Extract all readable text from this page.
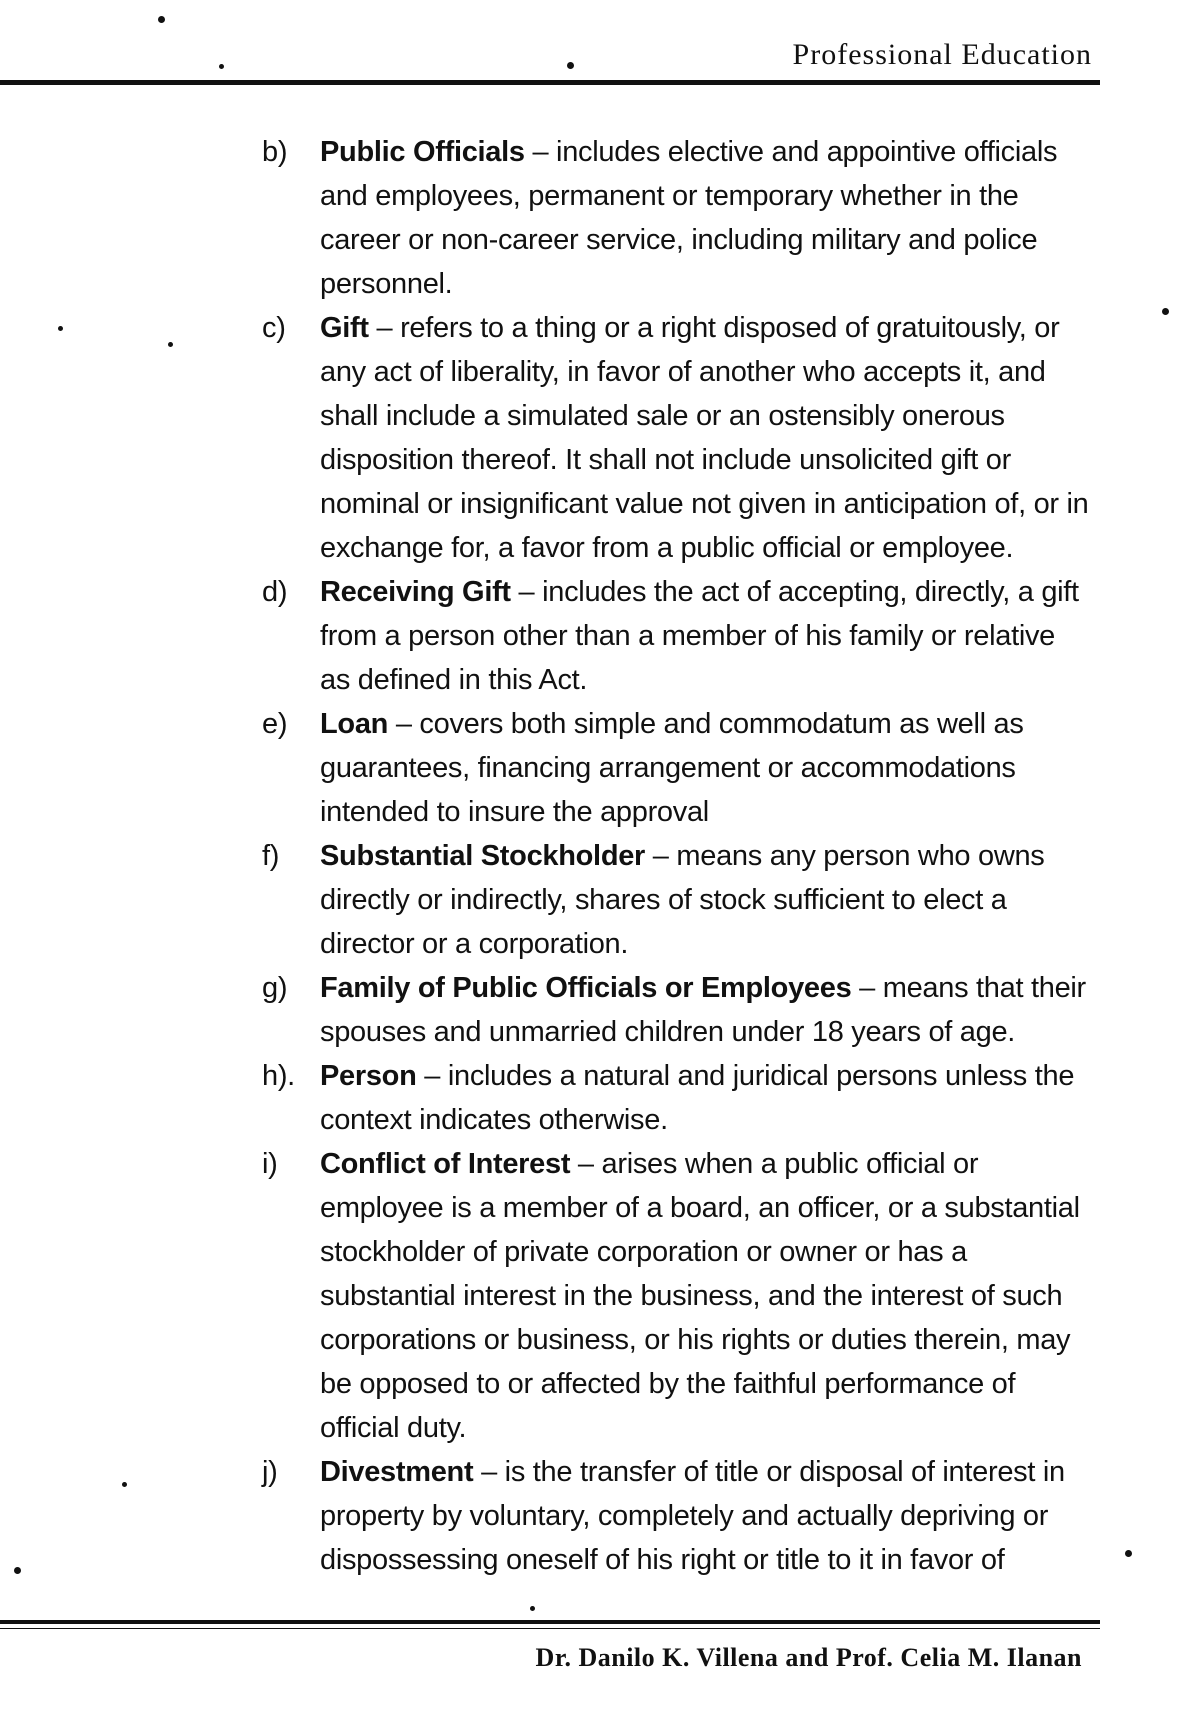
Professional Education
b)	Public Officials – includes elective and appointive officials and employees, permanent or temporary whether in the career or non-career service, including military and police personnel.
c)	Gift – refers to a thing or a right disposed of gratuitously, or any act of liberality, in favor of another who accepts it, and shall include a simulated sale or an ostensibly onerous disposition thereof. It shall not include unsolicited gift or nominal or insignificant value not given in anticipation of, or in exchange for, a favor from a public official or employee.
d)	Receiving Gift – includes the act of accepting, directly, a gift from a person other than a member of his family or relative as defined in this Act.
e)	Loan – covers both simple and commodatum as well as guarantees, financing arrangement or accommodations intended to insure the approval
f)	Substantial Stockholder – means any person who owns directly or indirectly, shares of stock sufficient to elect a director or a corporation.
g)	Family of Public Officials or Employees – means that their spouses and unmarried children under 18 years of age.
h). Person – includes a natural and juridical persons unless the context indicates otherwise.
i)	Conflict of Interest – arises when a public official or employee is a member of a board, an officer, or a substantial stockholder of private corporation or owner or has a substantial interest in the business, and the interest of such corporations or business, or his rights or duties therein, may be opposed to or affected by the faithful performance of official duty.
j)	Divestment – is the transfer of title or disposal of interest in property by voluntary, completely and actually depriving or dispossessing oneself of his right or title to it in favor of
Dr. Danilo K. Villena and Prof. Celia M. Ilanan
